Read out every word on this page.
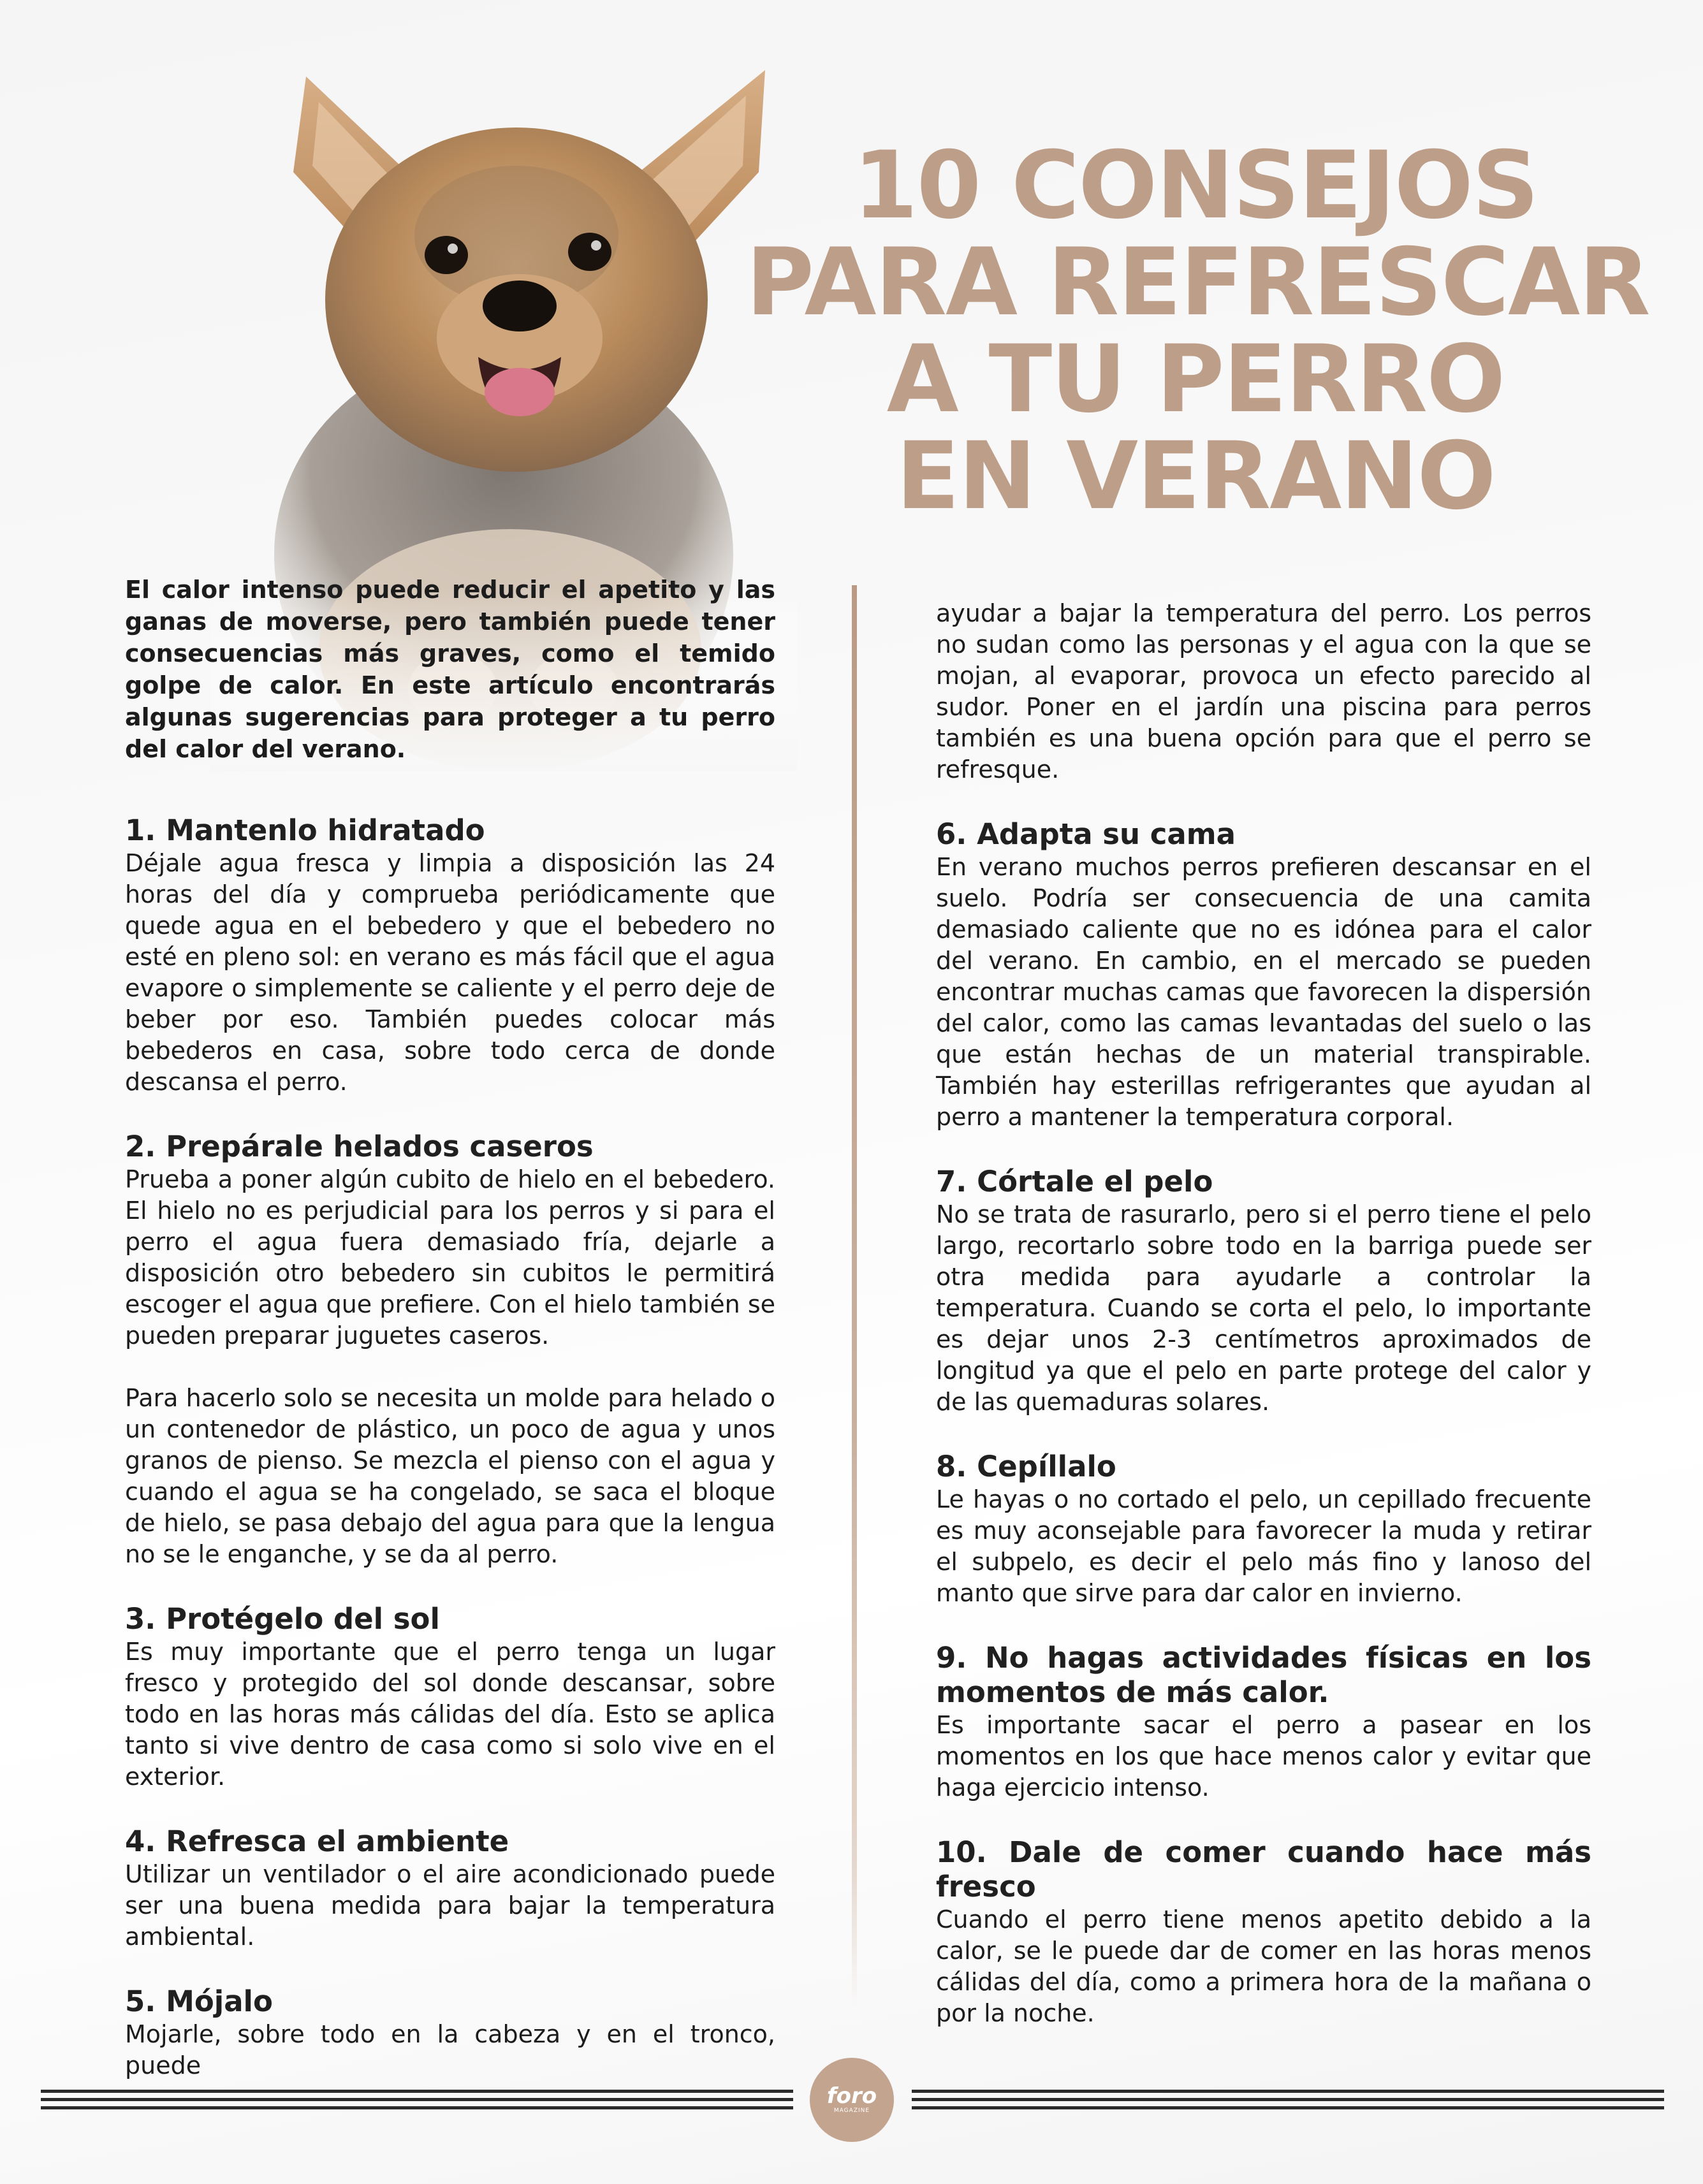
10 CONSEJOS
PARA REFRESCAR
A TU PERRO
EN VERANO

El calor intenso puede reducir el apetito y las ganas de moverse, pero también puede tener consecuencias más graves, como el temido golpe de calor. En este artículo encontrarás algunas sugerencias para proteger a tu perro del calor del verano.

1. Mantenlo hidratado

Déjale agua fresca y limpia a disposición las 24 horas del día y comprueba periódicamente que quede agua en el bebedero y que el bebedero no esté en pleno sol: en verano es más fácil que el agua evapore o simplemente se caliente y el perro deje de beber por eso. También puedes colocar más bebederos en casa, sobre todo cerca de donde descansa el perro.

2. Prepárale helados caseros

Prueba a poner algún cubito de hielo en el bebedero. El hielo no es perjudicial para los perros y si para el perro el agua fuera demasiado fría, dejarle a disposición otro bebedero sin cubitos le permitirá escoger el agua que prefiere. Con el hielo también se pueden preparar juguetes caseros.

Para hacerlo solo se necesita un molde para helado o un contenedor de plástico, un poco de agua y unos granos de pienso. Se mezcla el pienso con el agua y cuando el agua se ha congelado, se saca el bloque de hielo, se pasa debajo del agua para que la lengua no se le enganche, y se da al perro.

3. Protégelo del sol

Es muy importante que el perro tenga un lugar fresco y protegido del sol donde descansar, sobre todo en las horas más cálidas del día. Esto se aplica tanto si vive dentro de casa como si solo vive en el exterior.

4. Refresca el ambiente

Utilizar un ventilador o el aire acondicionado puede ser una buena medida para bajar la temperatura ambiental.

5. Mójalo

Mojarle, sobre todo en la cabeza y en el tronco, puede

ayudar a bajar la temperatura del perro. Los perros no sudan como las personas y el agua con la que se mojan, al evaporar, provoca un efecto parecido al sudor. Poner en el jardín una piscina para perros también es una buena opción para que el perro se refresque.

6. Adapta su cama

En verano muchos perros prefieren descansar en el suelo. Podría ser consecuencia de una camita demasiado caliente que no es idónea para el calor del verano. En cambio, en el mercado se pueden encontrar muchas camas que favorecen la dispersión del calor, como las camas levantadas del suelo o las que están hechas de un material transpirable. También hay esterillas refrigerantes que ayudan al perro a mantener la temperatura corporal.

7. Córtale el pelo

No se trata de rasurarlo, pero si el perro tiene el pelo largo, recortarlo sobre todo en la barriga puede ser otra medida para ayudarle a controlar la temperatura. Cuando se corta el pelo, lo importante es dejar unos 2-3 centímetros aproximados de longitud ya que el pelo en parte protege del calor y de las quemaduras solares.

8. Cepíllalo

Le hayas o no cortado el pelo, un cepillado frecuente es muy aconsejable para favorecer la muda y retirar el subpelo, es decir el pelo más fino y lanoso del manto que sirve para dar calor en invierno.

9. No hagas actividades físicas en los momentos de más calor.

Es importante sacar el perro a pasear en los momentos en los que hace menos calor y evitar que haga ejercicio intenso.

10. Dale de comer cuando hace más fresco

Cuando el perro tiene menos apetito debido a la calor, se le puede dar de comer en las horas menos cálidas del día, como a primera hora de la mañana o por la noche.

foro
MAGAZINE
